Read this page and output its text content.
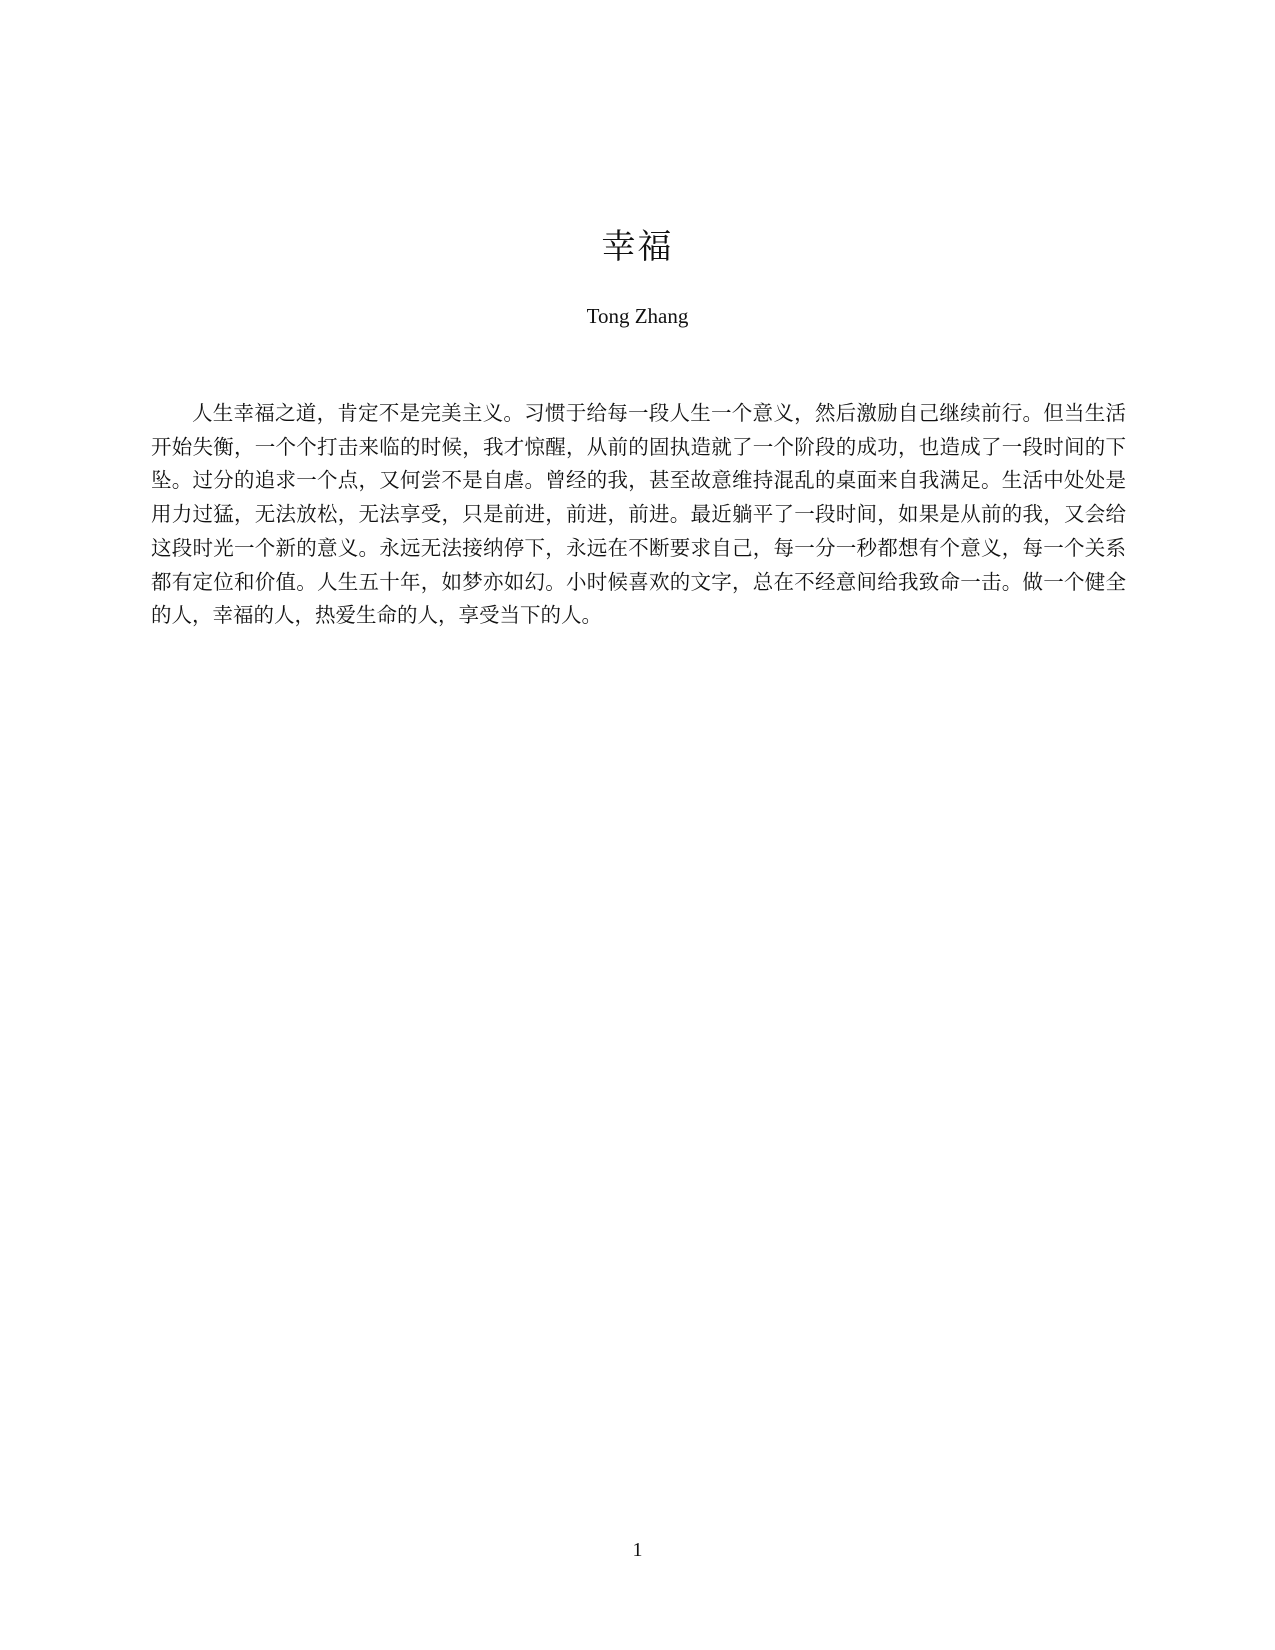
幸福
Tong Zhang

人生幸福之道，肯定不是完美主义。习惯于给每一段人生一个意义，然后激励自己继续前行。但当生活开始失衡，一个个打击来临的时候，我才惊醒，从前的固执造就了一个阶段的成功，也造成了一段时间的下坠。过分的追求一个点，又何尝不是自虐。曾经的我，甚至故意维持混乱的桌面来自我满足。生活中处处是用力过猛，无法放松，无法享受，只是前进，前进，前进。最近躺平了一段时间，如果是从前的我，又会给这段时光一个新的意义。永远无法接纳停下，永远在不断要求自己，每一分一秒都想有个意义，每一个关系都有定位和价值。人生五十年，如梦亦如幻。小时候喜欢的文字，总在不经意间给我致命一击。做一个健全的人，幸福的人，热爱生命的人，享受当下的人。

1
